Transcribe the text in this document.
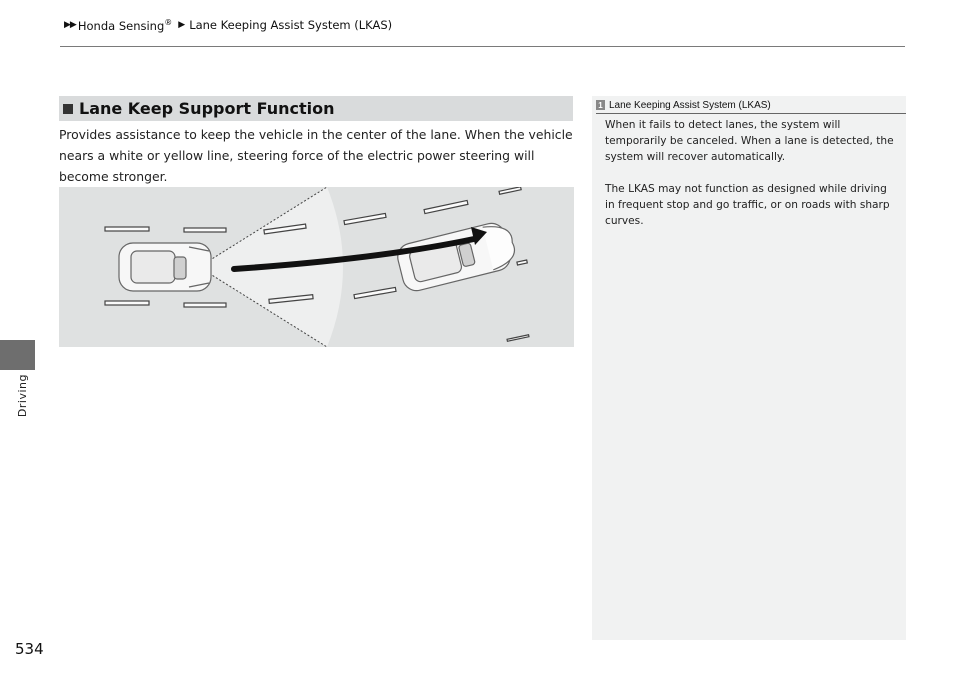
▶▶ Honda Sensing® ▶ Lane Keeping Assist System (LKAS)
Driving
534
Lane Keep Support Function
Provides assistance to keep the vehicle in the center of the lane. When the vehicle nears a white or yellow line, steering force of the electric power steering will become stronger.
1 Lane Keeping Assist System (LKAS)
When it fails to detect lanes, the system will temporarily be canceled. When a lane is detected, the system will recover automatically.
The LKAS may not function as designed while driving in frequent stop and go traffic, or on roads with sharp curves.
